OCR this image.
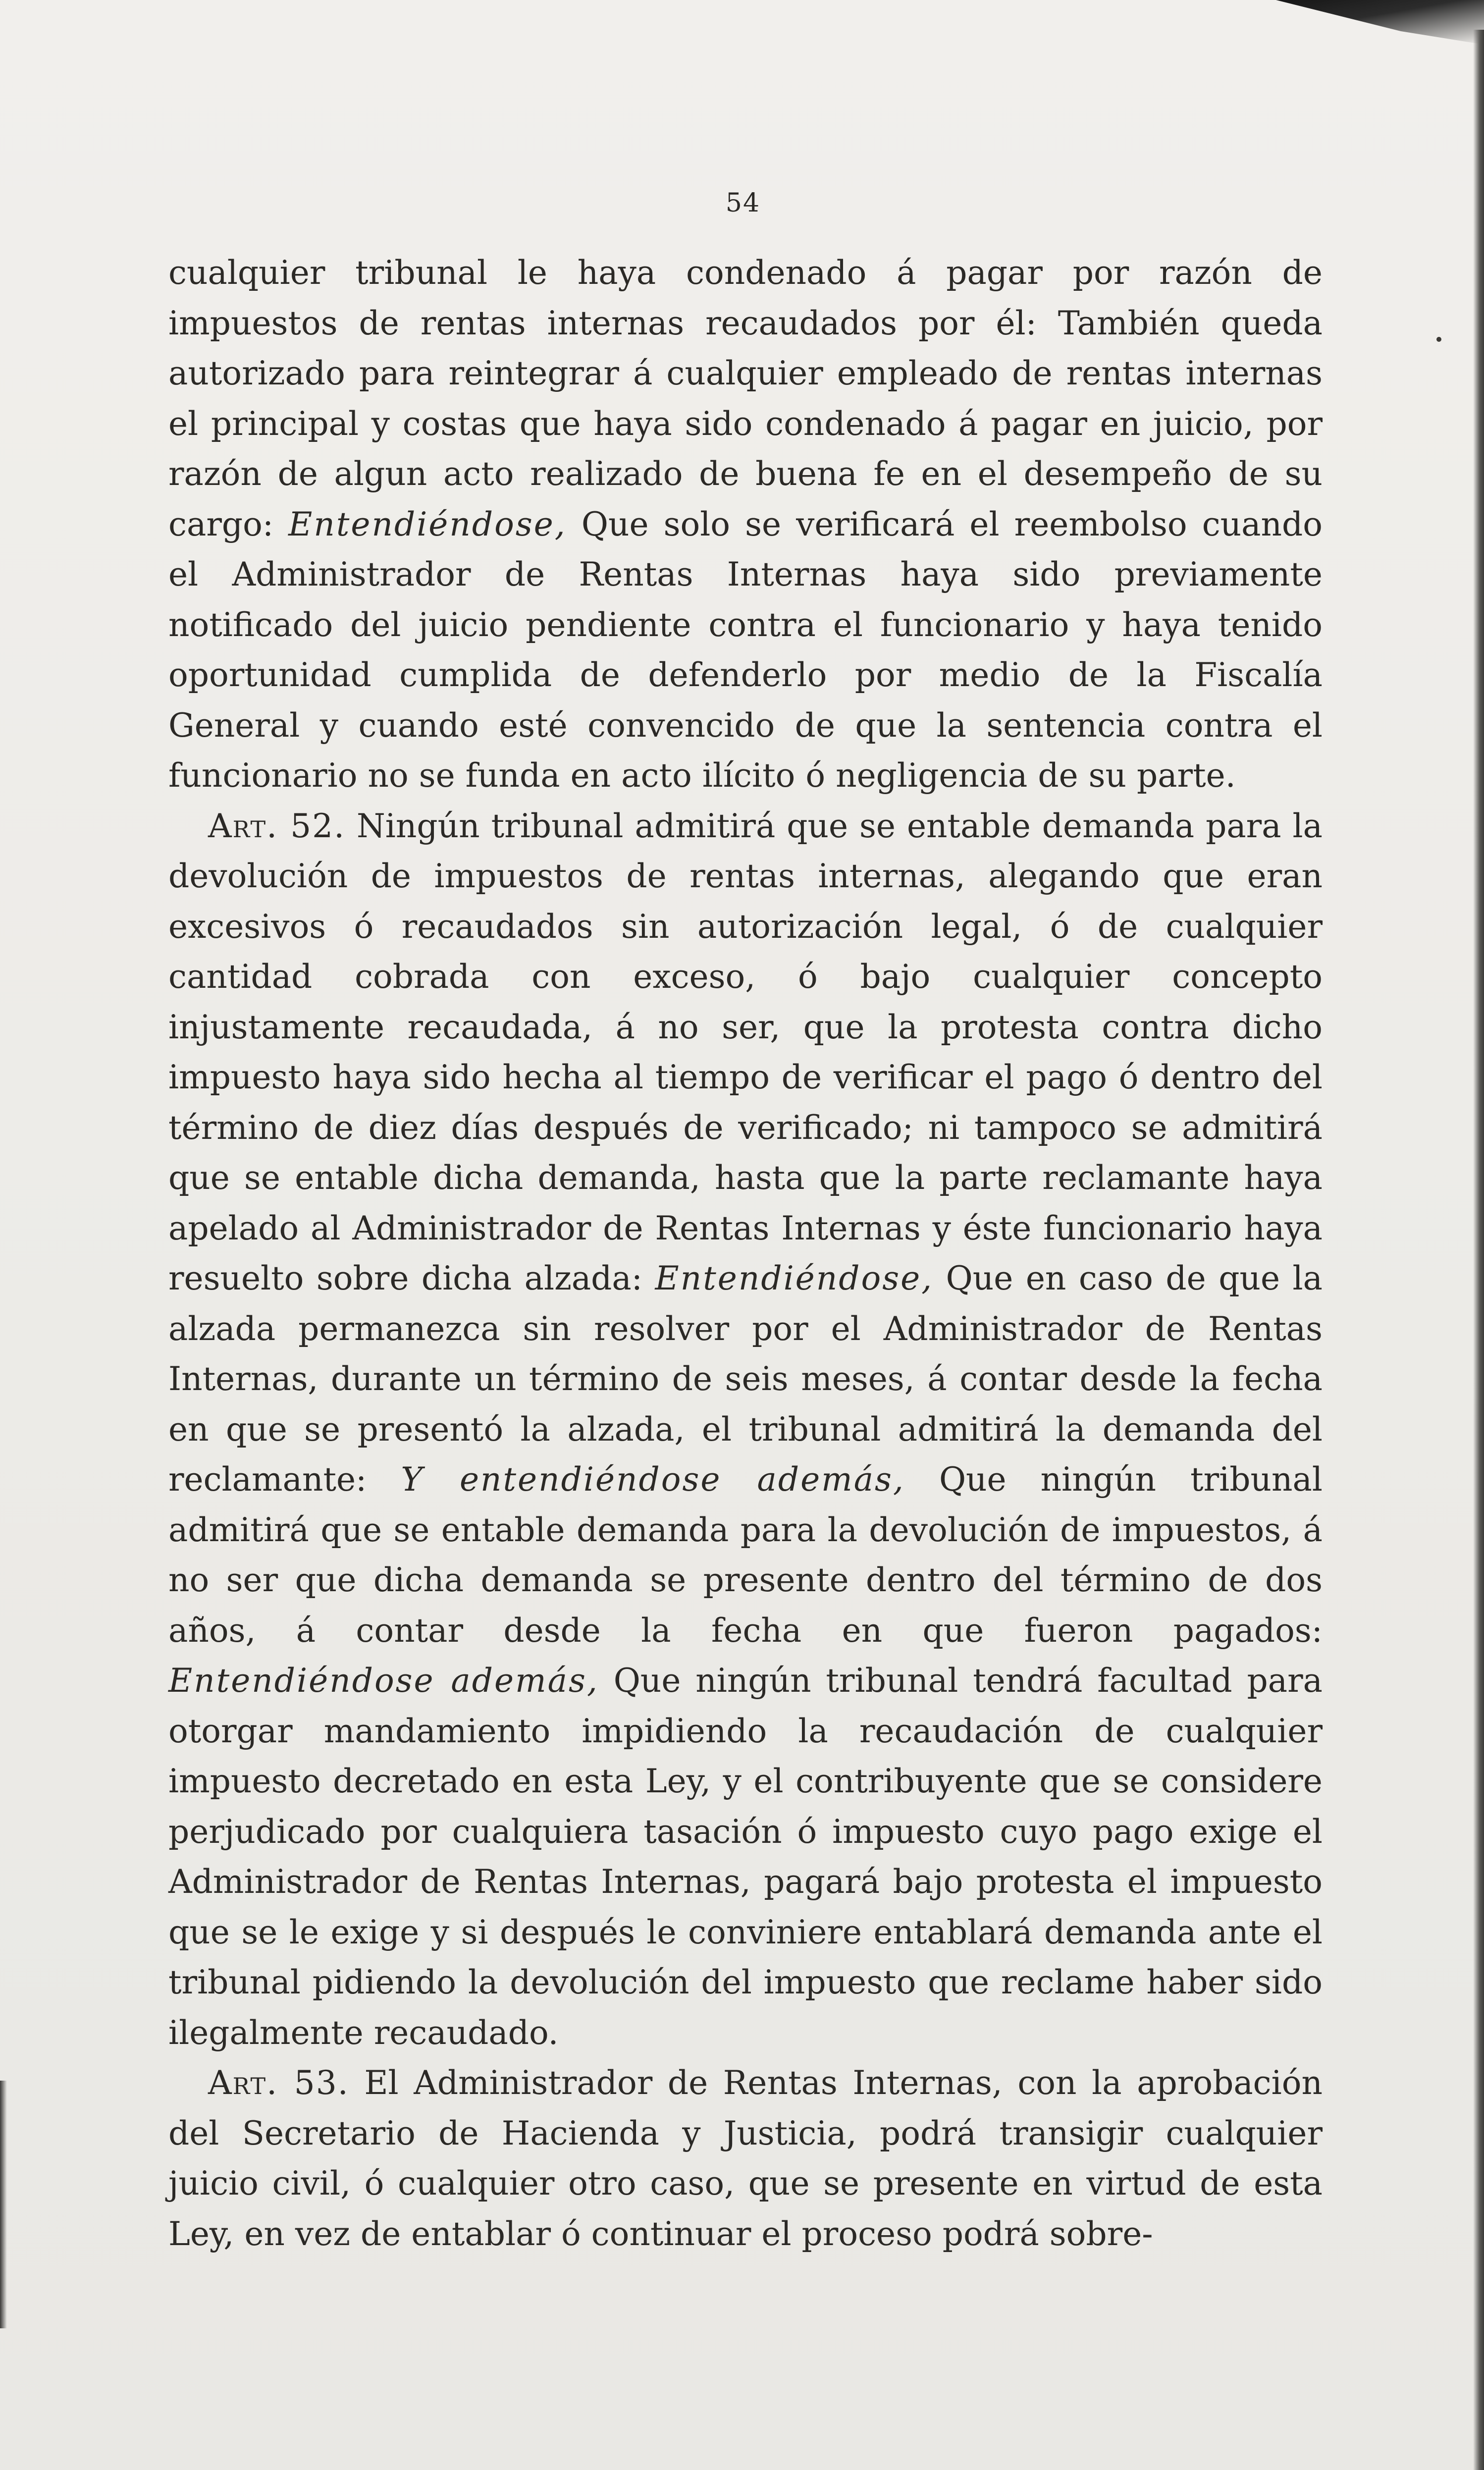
54

cualquier tribunal le haya condenado á pagar por razón de impuestos de rentas internas recaudados por él: También queda autorizado para reintegrar á cualquier empleado de rentas internas el principal y costas que haya sido condenado á pagar en juicio, por razón de algun acto realizado de buena fe en el desempeño de su cargo: Entendiéndose, Que solo se verificará el reembolso cuando el Administrador de Rentas Internas haya sido previamente notificado del juicio pendiente contra el funcionario y haya tenido oportunidad cumplida de defenderlo por medio de la Fiscalía General y cuando esté convencido de que la sentencia contra el funcionario no se funda en acto ilícito ó negligencia de su parte.

Art. 52. Ningún tribunal admitirá que se entable demanda para la devolución de impuestos de rentas internas, alegando que eran excesivos ó recaudados sin autorización legal, ó de cualquier cantidad cobrada con exceso, ó bajo cualquier concepto injustamente recaudada, á no ser, que la protesta contra dicho impuesto haya sido hecha al tiempo de verificar el pago ó dentro del término de diez días después de verificado; ni tampoco se admitirá que se entable dicha demanda, hasta que la parte reclamante haya apelado al Administrador de Rentas Internas y éste funcionario haya resuelto sobre dicha alzada: Entendiéndose, Que en caso de que la alzada permanezca sin resolver por el Administrador de Rentas Internas, durante un término de seis meses, á contar desde la fecha en que se presentó la alzada, el tribunal admitirá la demanda del reclamante: Y entendiéndose además, Que ningún tribunal admitirá que se entable demanda para la devolución de impuestos, á no ser que dicha demanda se presente dentro del término de dos años, á contar desde la fecha en que fueron pagados: Entendiéndose además, Que ningún tribunal tendrá facultad para otorgar mandamiento impidiendo la recaudación de cualquier impuesto decretado en esta Ley, y el contribuyente que se considere perjudicado por cualquiera tasación ó impuesto cuyo pago exige el Administrador de Rentas Internas, pagará bajo protesta el impuesto que se le exige y si después le conviniere entablará demanda ante el tribunal pidiendo la devolución del impuesto que reclame haber sido ilegalmente recaudado.

Art. 53. El Administrador de Rentas Internas, con la aprobación del Secretario de Hacienda y Justicia, podrá transigir cualquier juicio civil, ó cualquier otro caso, que se presente en virtud de esta Ley, en vez de entablar ó continuar el proceso podrá sobre-
